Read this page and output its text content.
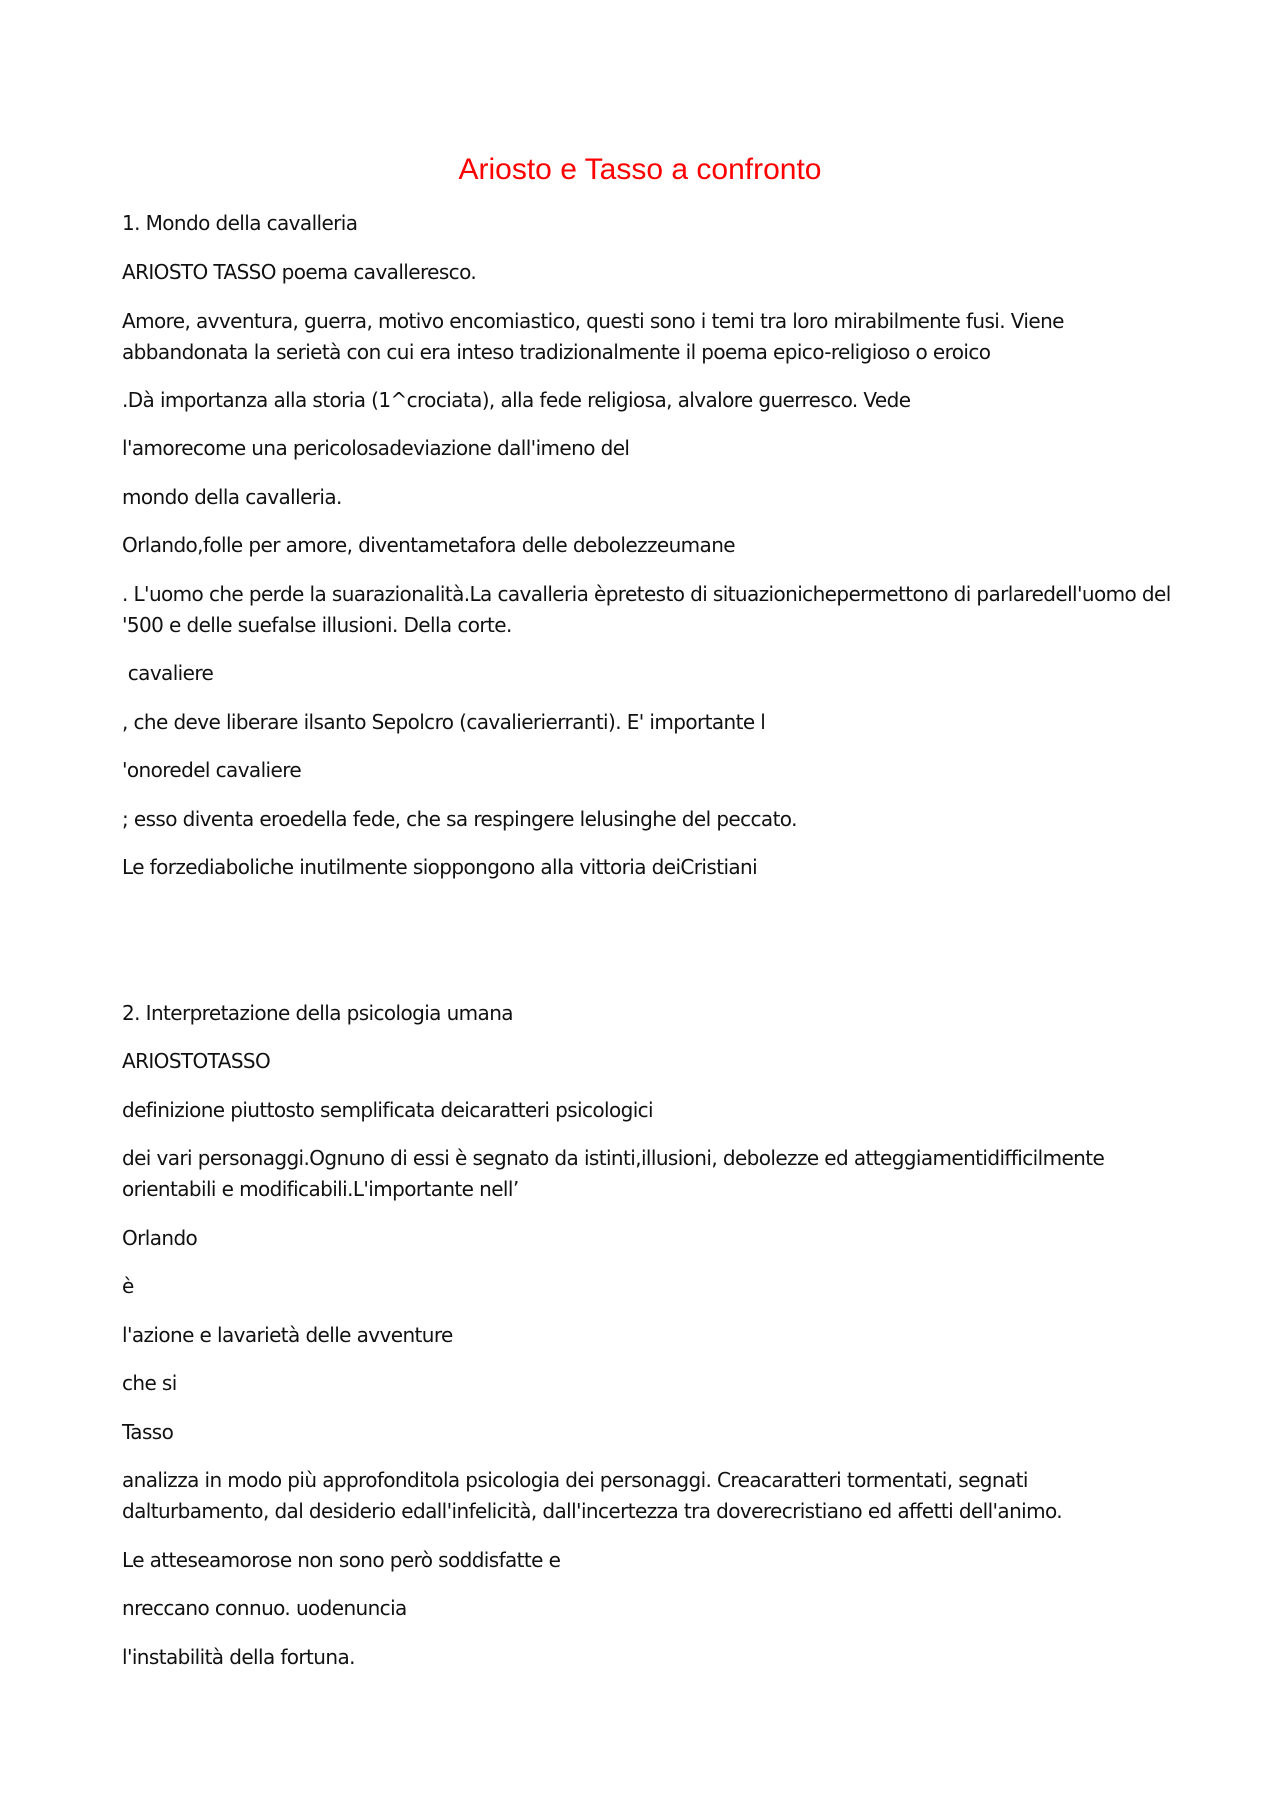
Ariosto e Tasso a confronto

1. Mondo della cavalleria

ARIOSTO TASSO poema cavalleresco.

Amore, avventura, guerra, motivo encomiastico, questi sono i temi tra loro mirabilmente fusi. Viene abbandonata la serietà con cui era inteso tradizionalmente il poema epico-religioso o eroico

.Dà importanza alla storia (1^crociata), alla fede religiosa, alvalore guerresco. Vede

l'amorecome una pericolosadeviazione dall'imeno del

mondo della cavalleria.

Orlando,folle per amore, diventametafora delle debolezzeumane

. L'uomo che perde la suarazionalità.La cavalleria èpretesto di situazionichepermettono di parlaredell'uomo del '500 e delle suefalse illusioni. Della corte.

cavaliere

, che deve liberare ilsanto Sepolcro (cavalierierranti). E' importante l

'onoredel cavaliere

; esso diventa eroedella fede, che sa respingere lelusinghe del peccato.

Le forzediaboliche inutilmente sioppongono alla vittoria deiCristiani

2. Interpretazione della psicologia umana

ARIOSTOTASSO

definizione piuttosto semplificata deicaratteri psicologici

dei vari personaggi.Ognuno di essi è segnato da istinti,illusioni, debolezze ed atteggiamentidifficilmente orientabili e modificabili.L'importante nell’

Orlando

è

l'azione e lavarietà delle avventure

che si

Tasso

analizza in modo più approfonditola psicologia dei personaggi. Creacaratteri tormentati, segnati dalturbamento, dal desiderio edall'infelicità, dall'incertezza tra doverecristiano ed affetti dell'animo.

Le atteseamorose non sono però soddisfatte e

nreccano connuo. uodenuncia

l'instabilità della fortuna.
